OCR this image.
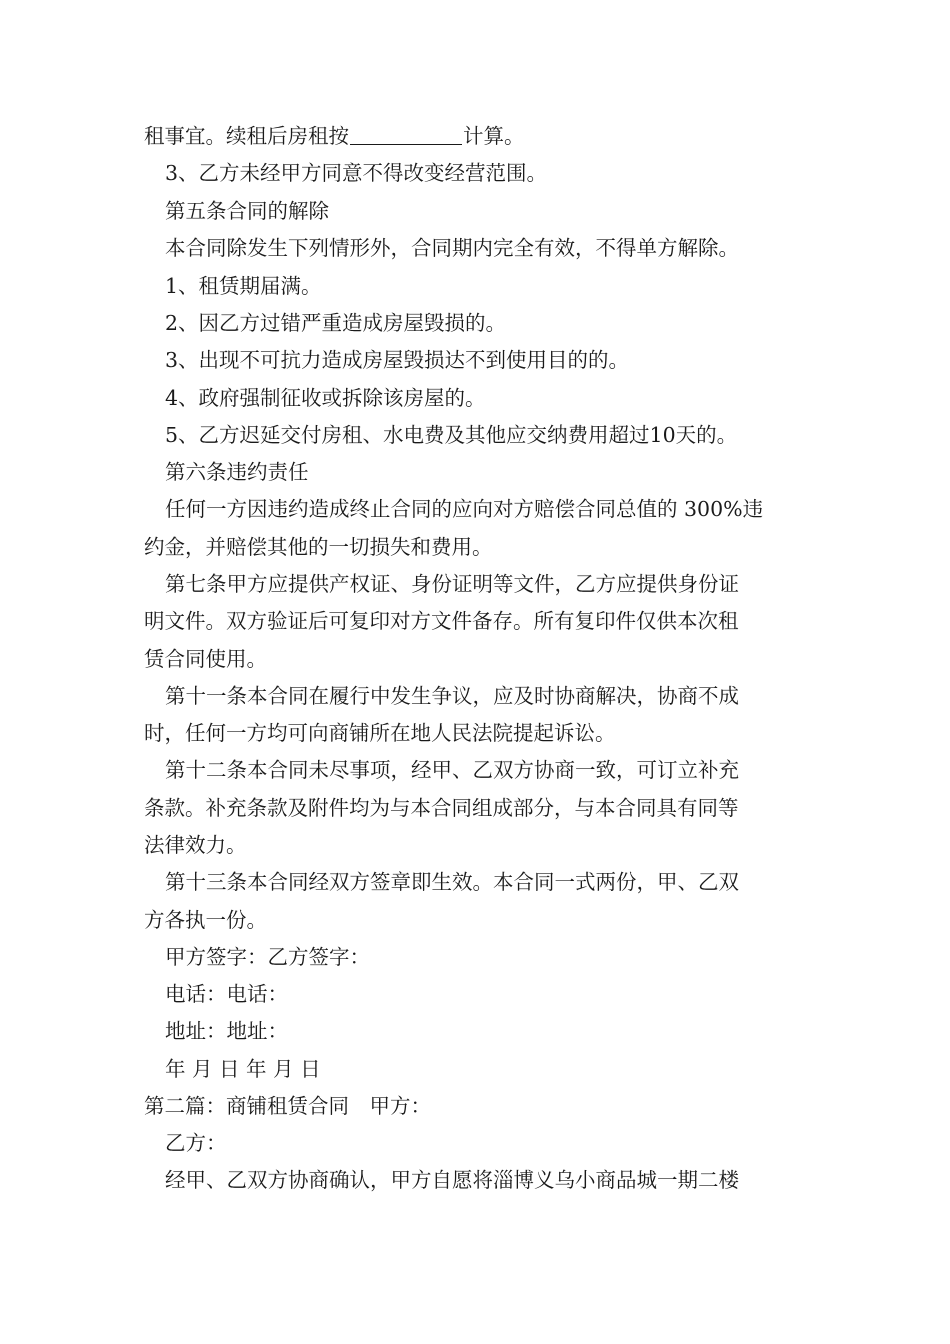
租事宜。续租后房租按	计算。
3、乙方未经甲方同意不得改变经营范围。
第五条合同的解除
本合同除发生下列情形外，合同期内完全有效，不得单方解除。
1、租赁期届满。
2、因乙方过错严重造成房屋毁损的。
3、出现不可抗力造成房屋毁损达不到使用目的的。
4、政府强制征收或拆除该房屋的。
5、乙方迟延交付房租、水电费及其他应交纳费用超过10天的。
第六条违约责任
任何一方因违约造成终止合同的应向对方赔偿合同总值的 300%违
约金，并赔偿其他的一切损失和费用。
第七条甲方应提供产权证、身份证明等文件，乙方应提供身份证
明文件。双方验证后可复印对方文件备存。所有复印件仅供本次租
赁合同使用。
第十一条本合同在履行中发生争议，应及时协商解决，协商不成
时，任何一方均可向商铺所在地人民法院提起诉讼。
第十二条本合同未尽事项，经甲、乙双方协商一致，可订立补充
条款。补充条款及附件均为与本合同组成部分，与本合同具有同等
法律效力。
第十三条本合同经双方签章即生效。本合同一式两份，甲、乙双
方各执一份。
甲方签字：乙方签字：
电话：电话：
地址：地址：
年 月 日 年 月 日
第二篇：商铺租赁合同　甲方：
乙方：
经甲、乙双方协商确认，甲方自愿将淄博义乌小商品城一期二楼
